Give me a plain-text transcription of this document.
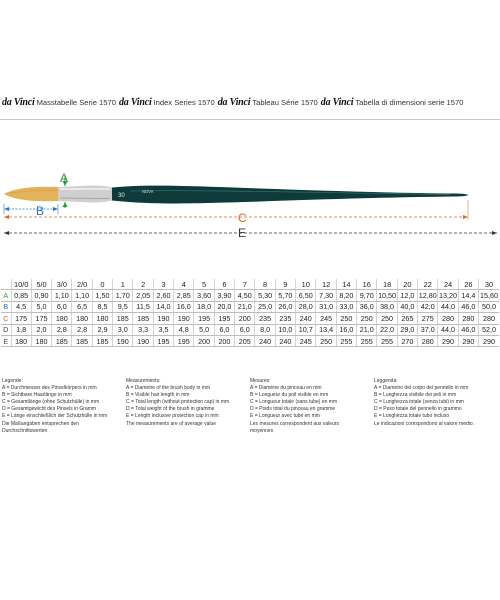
da Vinci Masstabelle Serie 1570 da Vinci Index Series 1570 da Vinci Tableau Série 1570 da Vinci Tabella di dimensioni serie 1570
30
NOVA
A
B	C
E
	10/0	5/0	3/0	2/0	0	1	2	3	4	5	6	7	8	9	10	12	14	16	18	20	22	24	26	30
A	0,85	0,90	1,10	1,10	1,50	1,70	2,05	2,60	2,85	3,60	3,90	4,50	5,30	5,70	6,50	7,30	8,20	9,70	10,50	12,0	12,80	13,20	14,4	15,60
B	4,5	5,0	6,0	6,5	8,5	9,5	11,5	14,0	16,0	18,0	20,0	21,0	25,0	26,0	28,0	31,0	33,0	36,0	38,0	40,0	42,0	44,0	46,0	50,0
C	175	175	180	180	180	185	185	190	190	195	195	200	235	235	240	245	250	250	250	265	275	280	280	280
D	1,8	2,0	2,8	2,8	2,9	3,0	3,3	3,5	4,8	5,0	6,0	6,0	8,0	10,0	10,7	13,4	16,0	21,0	22,0	29,0	37,0	44,0	46,0	52,0
E	180	180	185	185	185	190	190	195	195	200	200	205	240	240	245	250	255	255	255	270	280	290	290	290
Legende:
A = Durchmesser des Pinselkörpers in mm
B = Sichtbare Haarlänge in mm
C = Gesamtlänge (ohne Schutzhülle) in mm
D = Gesamtgewicht des Pinsels in Gramm
E = Länge einschließlich der Schutzhülle in mm
Measurements:
A = Diametre of the brush body in mm
B = Visible hair length in mm
C = Total length (without protection cap) in mm
D = Total weight of the brush in gramme
E = Length inclusive protection cap in mm
Mesures:
A = Diamètre du pinceau en mm
B = Longueur du poil visible en mm
C = Longueur totale (sans tube) en mm
D = Poids total du pinceau en gramme
E = Longueur avec tube en mm
Leggenda:
A = Diametro del corpo del pennello in mm
B = Lunghezza visibile dei peli in mm
C = Lunghezza totale (senza tubi) in mm
D = Peso totale del pennello in grammo
E = Lunghezza totale tubo incluso
Die Maßangaben entsprechen den
Durchschnittswerten
The measurements are of average value	Les mesures correspondent aux valeurs
moyennes
Le indicazioni corrispondono al valore medio.
